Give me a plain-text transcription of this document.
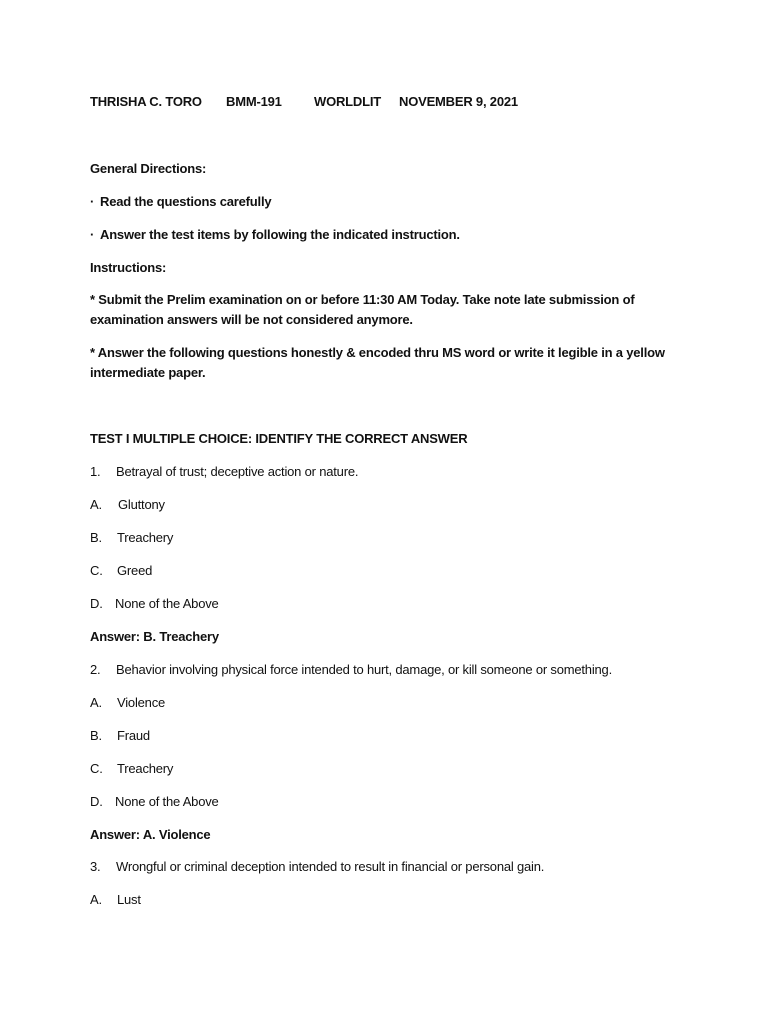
THRISHA C. TORO BMM-191 WORLDLIT NOVEMBER 9, 2021
General Directions:
· Read the questions carefully
· Answer the test items by following the indicated instruction.
Instructions:
* Submit the Prelim examination on or before 11:30 AM Today. Take note late submission of examination answers will be not considered anymore.
* Answer the following questions honestly & encoded thru MS word or write it legible in a yellow intermediate paper.
TEST I MULTIPLE CHOICE: IDENTIFY THE CORRECT ANSWER
1. Betrayal of trust; deceptive action or nature.
A. Gluttony
B. Treachery
C. Greed
D. None of the Above
Answer: B. Treachery
2. Behavior involving physical force intended to hurt, damage, or kill someone or something.
A. Violence
B. Fraud
C. Treachery
D. None of the Above
Answer: A. Violence
3. Wrongful or criminal deception intended to result in financial or personal gain.
A. Lust
